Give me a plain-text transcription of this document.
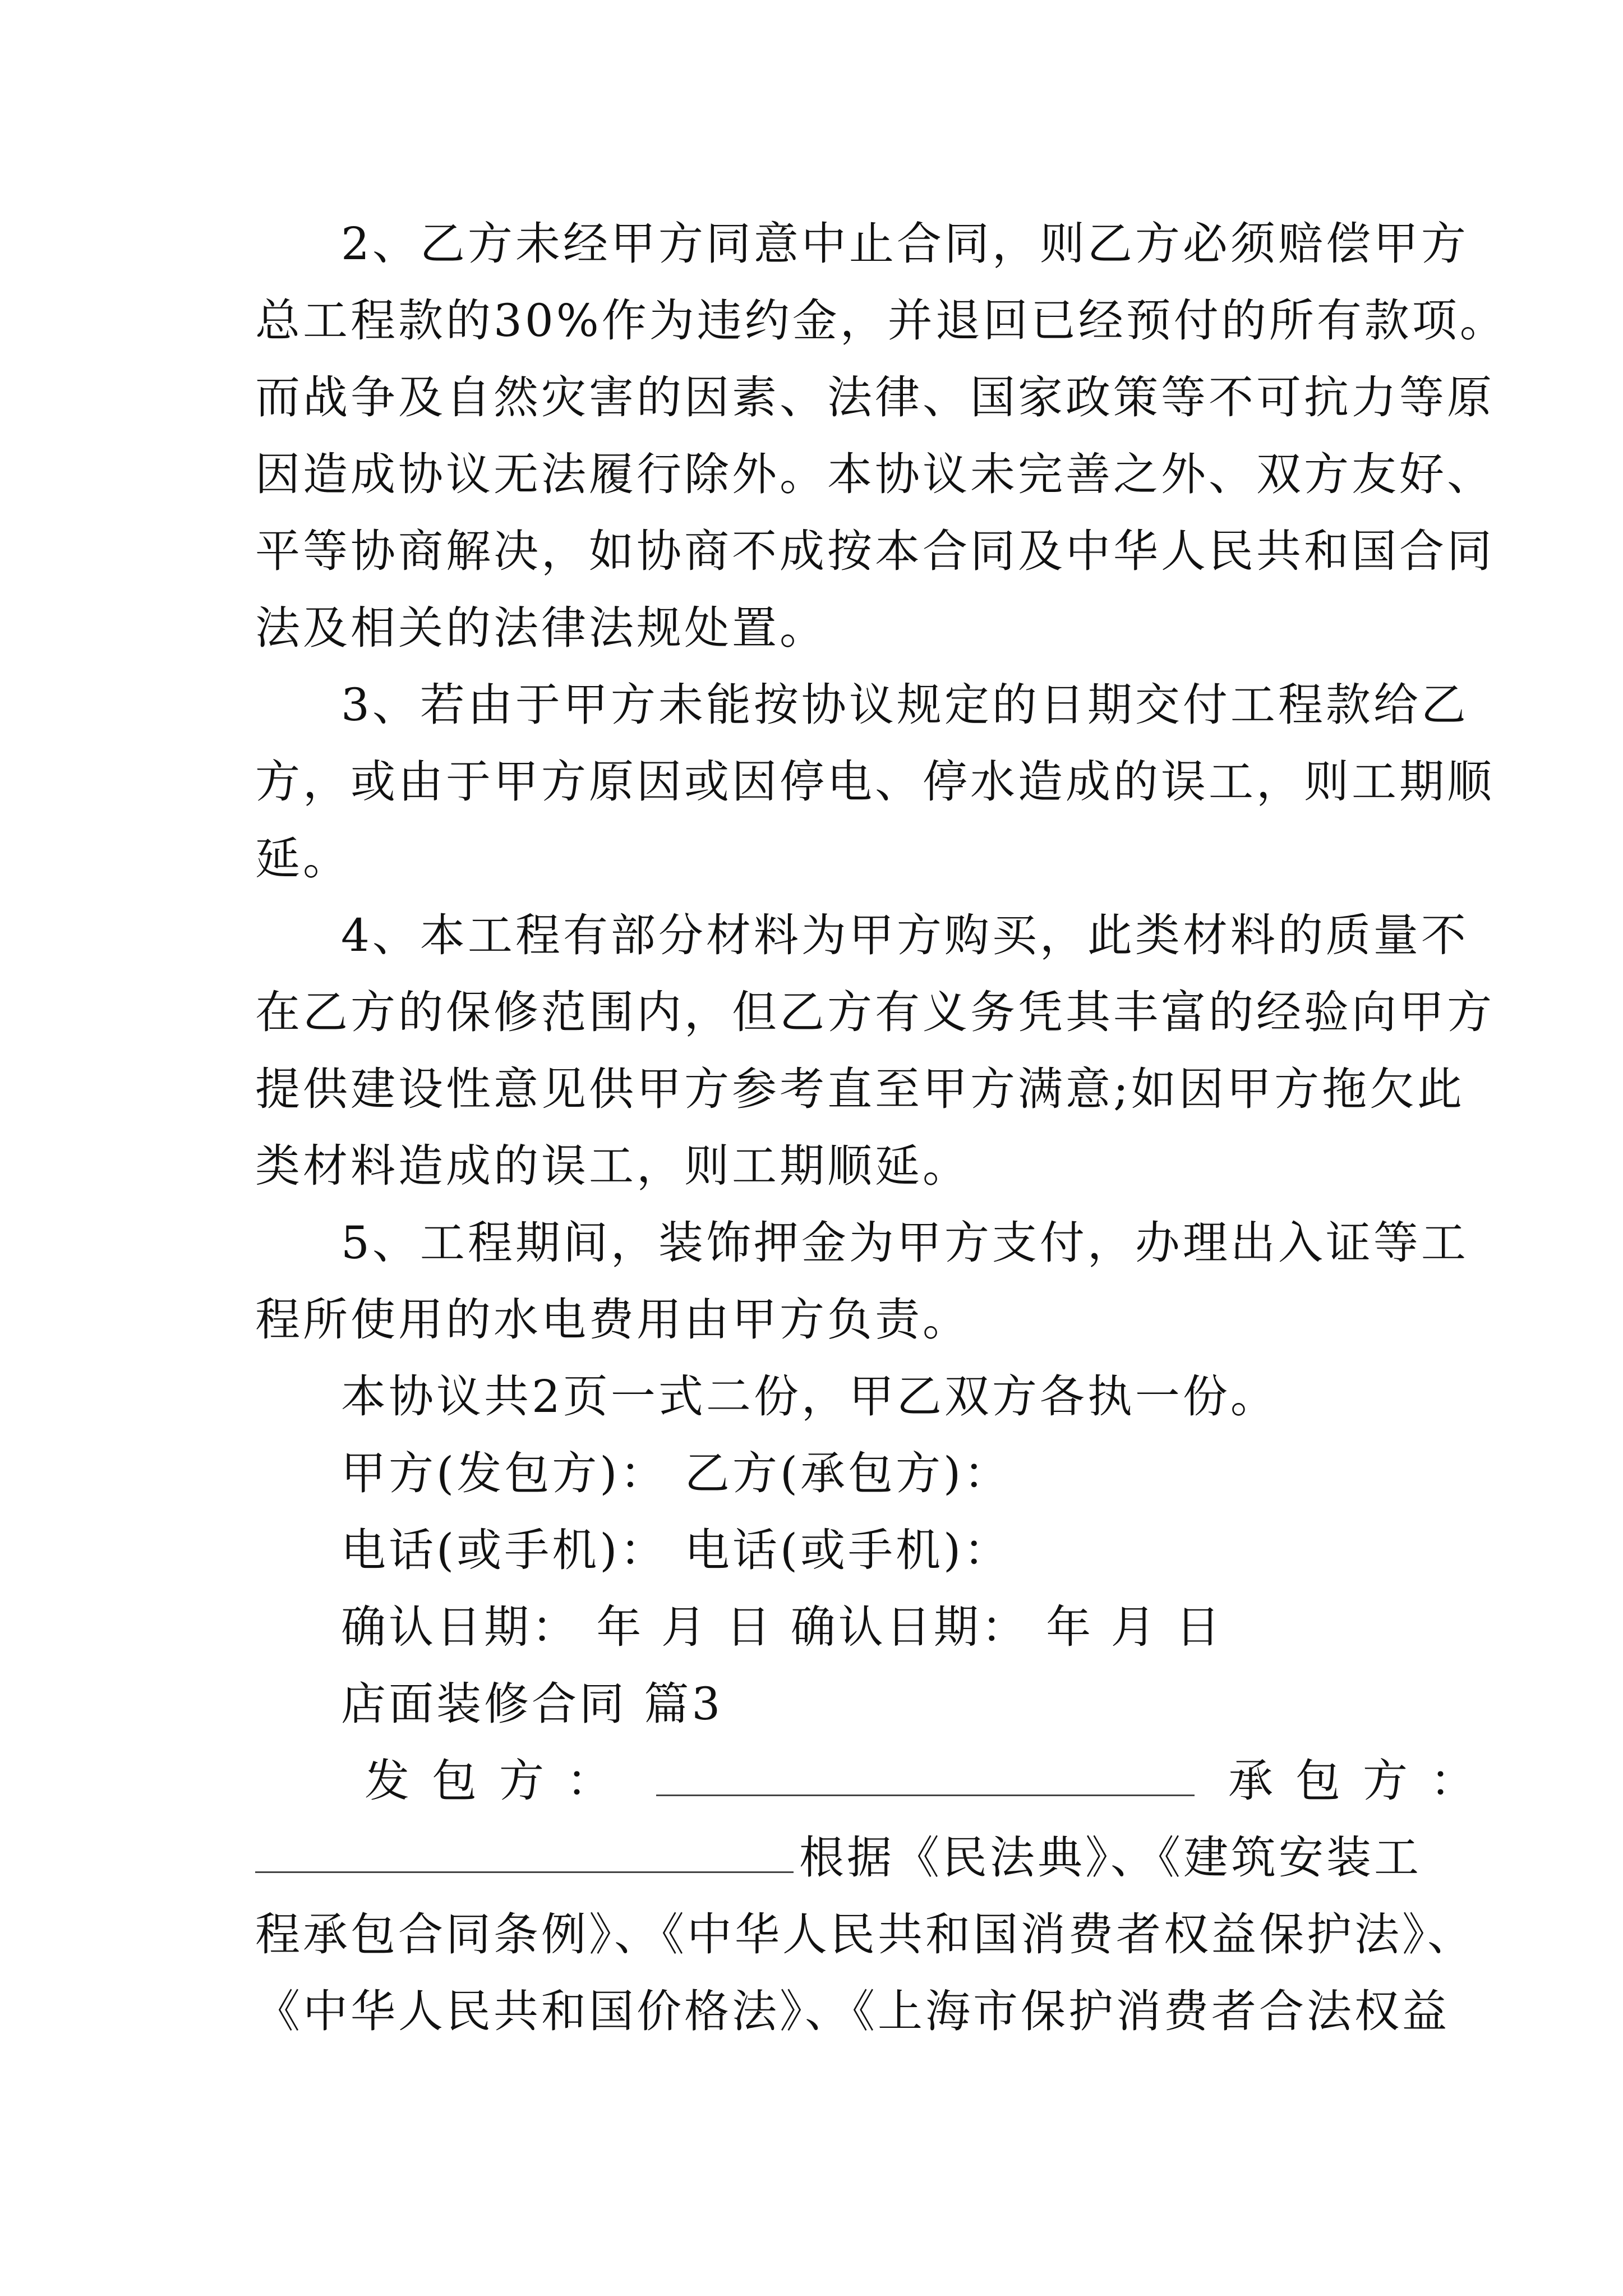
2、乙方未经甲方同意中止合同，则乙方必须赔偿甲方
总工程款的30%作为违约金，并退回已经预付的所有款项。
而战争及自然灾害的因素、法律、国家政策等不可抗力等原
因造成协议无法履行除外。本协议未完善之外、双方友好、
平等协商解决，如协商不成按本合同及中华人民共和国合同
法及相关的法律法规处置。
3、若由于甲方未能按协议规定的日期交付工程款给乙
方，或由于甲方原因或因停电、停水造成的误工，则工期顺
延。
4、本工程有部分材料为甲方购买，此类材料的质量不
在乙方的保修范围内，但乙方有义务凭其丰富的经验向甲方
提供建设性意见供甲方参考直至甲方满意;如因甲方拖欠此
类材料造成的误工，则工期顺延。
5、工程期间，装饰押金为甲方支付，办理出入证等工
程所使用的水电费用由甲方负责。
本协议共2页一式二份，甲乙双方各执一份。
甲方(发包方)： 乙方(承包方)：
电话(或手机)： 电话(或手机)：
确认日期： 年 月 日 确认日期： 年 月 日
店面装修合同 篇3
发包方：	承包方：
根据《民法典》、《建筑安装工
程承包合同条例》、《中华人民共和国消费者权益保护法》、
《中华人民共和国价格法》、《上海市保护消费者合法权益
